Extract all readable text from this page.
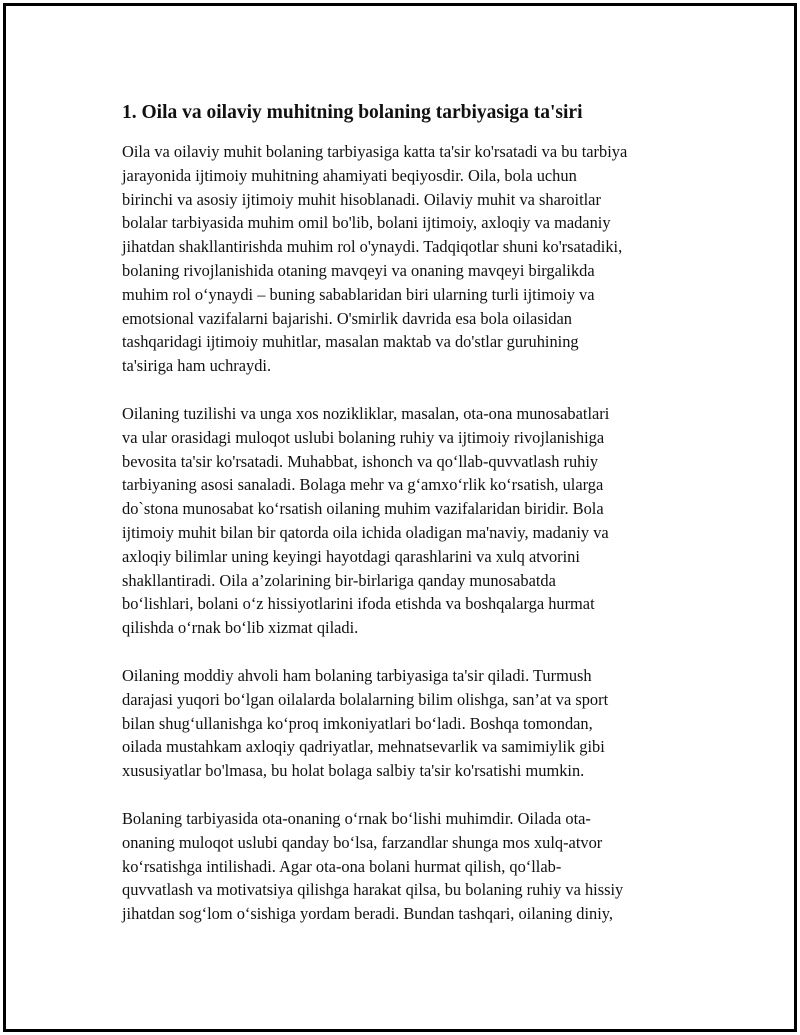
1. Oila va oilaviy muhitning bolaning tarbiyasiga ta'siri
Oila va oilaviy muhit bolaning tarbiyasiga katta ta'sir ko'rsatadi va bu tarbiya
jarayonida ijtimoiy muhitning ahamiyati beqiyosdir. Oila, bola uchun
birinchi va asosiy ijtimoiy muhit hisoblanadi. Oilaviy muhit va sharoitlar
bolalar tarbiyasida muhim omil bo'lib, bolani ijtimoiy, axloqiy va madaniy
jihatdan shakllantirishda muhim rol o'ynaydi. Tadqiqotlar shuni ko'rsatadiki,
bolaning rivojlanishida otaning mavqeyi va onaning mavqeyi birgalikda
muhim rol oʻynaydi – buning sabablaridan biri ularning turli ijtimoiy va
emotsional vazifalarni bajarishi. O'smirlik davrida esa bola oilasidan
tashqaridagi ijtimoiy muhitlar, masalan maktab va do'stlar guruhining
ta'siriga ham uchraydi.
Oilaning tuzilishi va unga xos nozikliklar, masalan, ota-ona munosabatlari
va ular orasidagi muloqot uslubi bolaning ruhiy va ijtimoiy rivojlanishiga
bevosita ta'sir ko'rsatadi. Muhabbat, ishonch va qoʻllab-quvvatlash ruhiy
tarbiyaning asosi sanaladi. Bolaga mehr va gʻamxoʻrlik koʻrsatish, ularga
do`stona munosabat koʻrsatish oilaning muhim vazifalaridan biridir. Bola
ijtimoiy muhit bilan bir qatorda oila ichida oladigan ma'naviy, madaniy va
axloqiy bilimlar uning keyingi hayotdagi qarashlarini va xulq atvorini
shakllantiradi. Oila a’zolarining bir-birlariga qanday munosabatda
boʻlishlari, bolani oʻz hissiyotlarini ifoda etishda va boshqalarga hurmat
qilishda oʻrnak boʻlib xizmat qiladi.
Oilaning moddiy ahvoli ham bolaning tarbiyasiga ta'sir qiladi. Turmush
darajasi yuqori boʻlgan oilalarda bolalarning bilim olishga, san’at va sport
bilan shugʻullanishga koʻproq imkoniyatlari boʻladi. Boshqa tomondan,
oilada mustahkam axloqiy qadriyatlar, mehnatsevarlik va samimiylik gibi
xususiyatlar bo'lmasa, bu holat bolaga salbiy ta'sir ko'rsatishi mumkin.
Bolaning tarbiyasida ota-onaning oʻrnak boʻlishi muhimdir. Oilada ota-
onaning muloqot uslubi qanday boʻlsa, farzandlar shunga mos xulq-atvor
koʻrsatishga intilishadi. Agar ota-ona bolani hurmat qilish, qoʻllab-
quvvatlash va motivatsiya qilishga harakat qilsa, bu bolaning ruhiy va hissiy
jihatdan sogʻlom oʻsishiga yordam beradi. Bundan tashqari, oilaning diniy,
